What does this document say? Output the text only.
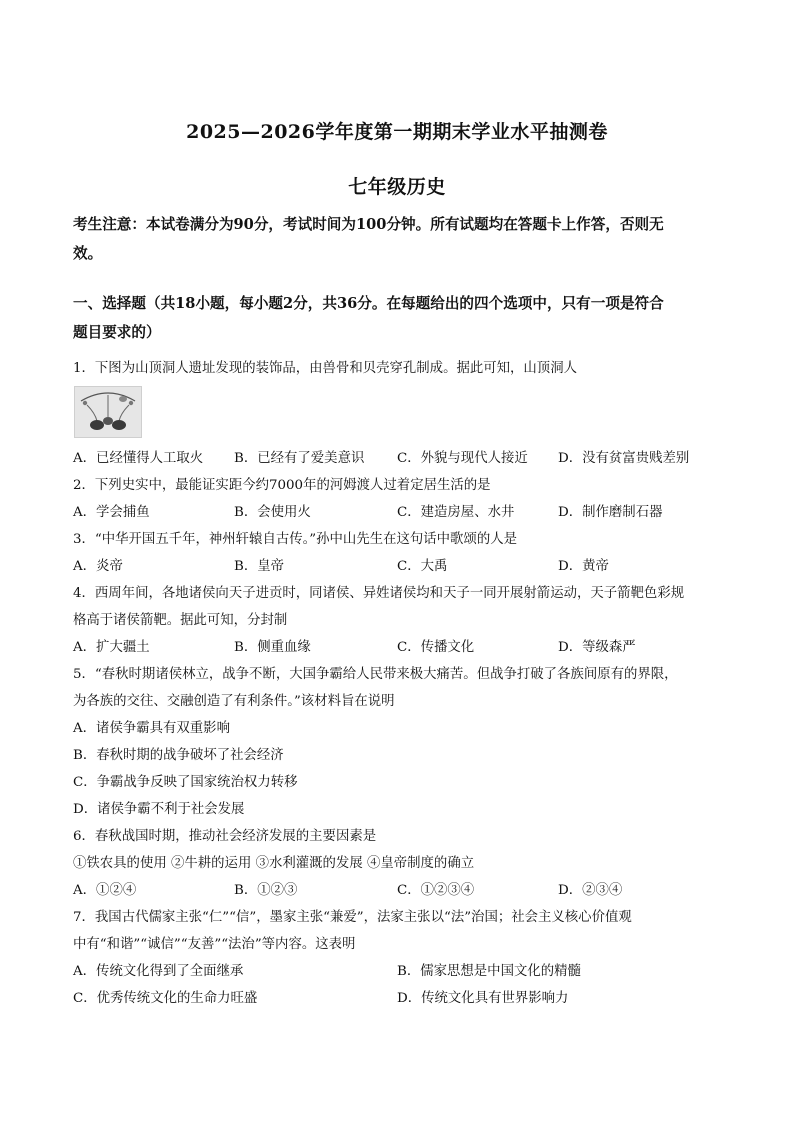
2025—2026学年度第一期期末学业水平抽测卷
七年级历史
考生注意：本试卷满分为90分，考试时间为100分钟。所有试题均在答题卡上作答，否则无
效。
一、选择题（共18小题，每小题2分，共36分。在每题给出的四个选项中，只有一项是符合
题目要求的）
1．下图为山顶洞人遗址发现的装饰品，由兽骨和贝壳穿孔制成。据此可知，山顶洞人
A．已经懂得人工取火 B．已经有了爱美意识 C．外貌与现代人接近 D．没有贫富贵贱差别
2．下列史实中，最能证实距今约7000年的河姆渡人过着定居生活的是
A．学会捕鱼	B．会使用火	C．建造房屋、水井	D．制作磨制石器
3．“中华开国五千年，神州轩辕自古传。”孙中山先生在这句话中歌颂的人是
A．炎帝	B．皇帝	C．大禹	D．黄帝
4．西周年间，各地诸侯向天子进贡时，同诸侯、异姓诸侯均和天子一同开展射箭运动，天子箭靶色彩规
格高于诸侯箭靶。据此可知，分封制
A．扩大疆土	B．侧重血缘	C．传播文化	D．等级森严
5．“春秋时期诸侯林立，战争不断，大国争霸给人民带来极大痛苦。但战争打破了各族间原有的界限，
为各族的交往、交融创造了有利条件。”该材料旨在说明
A．诸侯争霸具有双重影响
B．春秋时期的战争破坏了社会经济
C．争霸战争反映了国家统治权力转移
D．诸侯争霸不利于社会发展
6．春秋战国时期，推动社会经济发展的主要因素是
①铁农具的使用 ②牛耕的运用 ③水利灌溉的发展 ④皇帝制度的确立
A．①②④	B．①②③	C．①②③④	D．②③④
7．我国古代儒家主张“仁”“信”，墨家主张“兼爱”，法家主张以“法”治国；社会主义核心价值观
中有“和谐”“诚信”“友善”“法治”等内容。这表明
A．传统文化得到了全面继承	B．儒家思想是中国文化的精髓
C．优秀传统文化的生命力旺盛	D．传统文化具有世界影响力
